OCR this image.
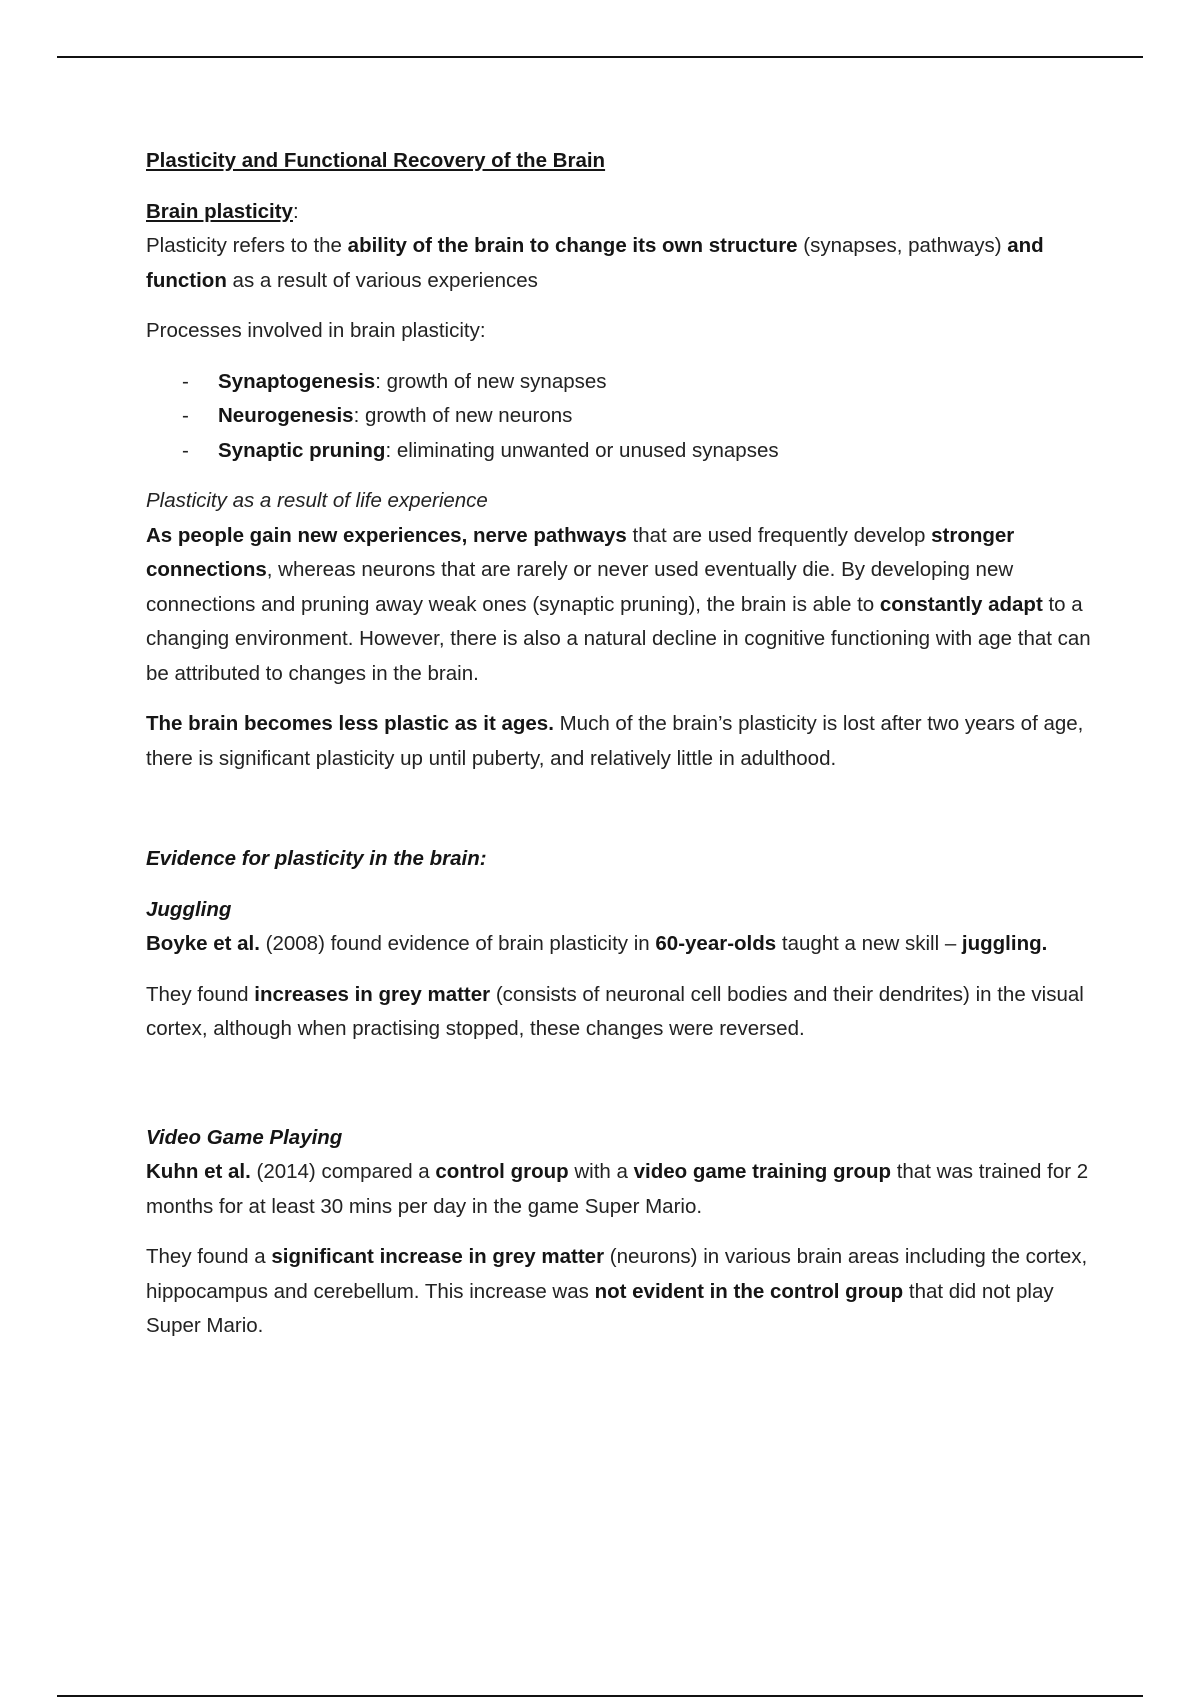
Plasticity and Functional Recovery of the Brain

Brain plasticity:

Plasticity refers to the ability of the brain to change its own structure (synapses, pathways) and function as a result of various experiences

Processes involved in brain plasticity:

- Synaptogenesis: growth of new synapses
- Neurogenesis: growth of new neurons
- Synaptic pruning: eliminating unwanted or unused synapses

Plasticity as a result of life experience

As people gain new experiences, nerve pathways that are used frequently develop stronger connections, whereas neurons that are rarely or never used eventually die. By developing new connections and pruning away weak ones (synaptic pruning), the brain is able to constantly adapt to a changing environment. However, there is also a natural decline in cognitive functioning with age that can be attributed to changes in the brain.

The brain becomes less plastic as it ages. Much of the brain’s plasticity is lost after two years of age, there is significant plasticity up until puberty, and relatively little in adulthood.

Evidence for plasticity in the brain:

Juggling

Boyke et al. (2008) found evidence of brain plasticity in 60-year-olds taught a new skill – juggling.

They found increases in grey matter (consists of neuronal cell bodies and their dendrites) in the visual cortex, although when practising stopped, these changes were reversed.

Video Game Playing

Kuhn et al. (2014) compared a control group with a video game training group that was trained for 2 months for at least 30 mins per day in the game Super Mario.

They found a significant increase in grey matter (neurons) in various brain areas including the cortex, hippocampus and cerebellum. This increase was not evident in the control group that did not play Super Mario.
